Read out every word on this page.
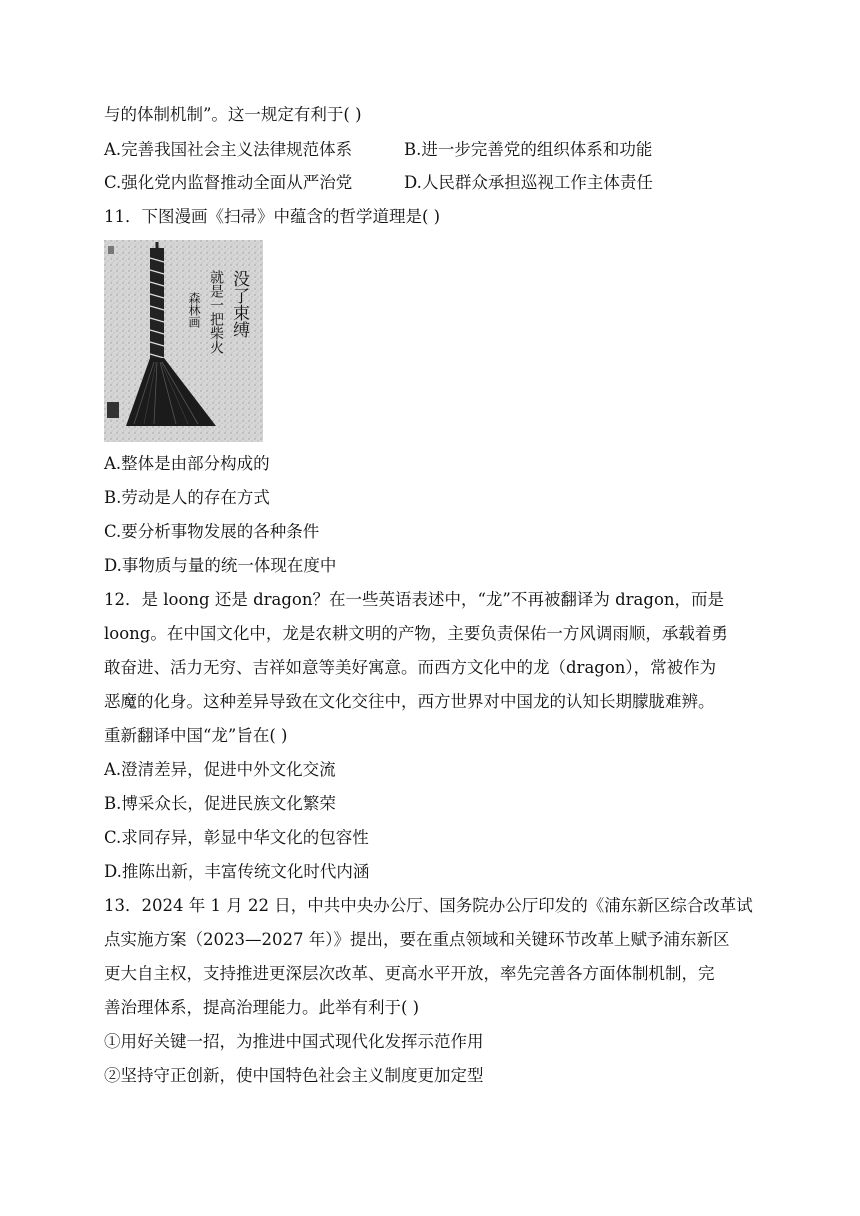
与的体制机制”。这一规定有利于( )
A.完善我国社会主义法律规范体系	B.进一步完善党的组织体系和功能
C.强化党内监督推动全面从严治党	D.人民群众承担巡视工作主体责任
11．下图漫画《扫帚》中蕴含的哲学道理是( )
没了束缚
就是一把柴火
森林画
A.整体是由部分构成的
B.劳动是人的存在方式
C.要分析事物发展的各种条件
D.事物质与量的统一体现在度中
12．是 loong 还是 dragon？在一些英语表述中，“龙”不再被翻译为 dragon，而是
loong。在中国文化中，龙是农耕文明的产物，主要负责保佑一方风调雨顺，承载着勇
敢奋进、活力无穷、吉祥如意等美好寓意。而西方文化中的龙（dragon），常被作为
恶魔的化身。这种差异导致在文化交往中，西方世界对中国龙的认知长期朦胧难辨。
重新翻译中国“龙”旨在( )
A.澄清差异，促进中外文化交流
B.博采众长，促进民族文化繁荣
C.求同存异，彰显中华文化的包容性
D.推陈出新，丰富传统文化时代内涵
13．2024 年 1 月 22 日，中共中央办公厅、国务院办公厅印发的《浦东新区综合改革试
点实施方案（2023—2027 年）》提出，要在重点领域和关键环节改革上赋予浦东新区
更大自主权，支持推进更深层次改革、更高水平开放，率先完善各方面体制机制，完
善治理体系，提高治理能力。此举有利于( )
①用好关键一招，为推进中国式现代化发挥示范作用
②坚持守正创新，使中国特色社会主义制度更加定型
